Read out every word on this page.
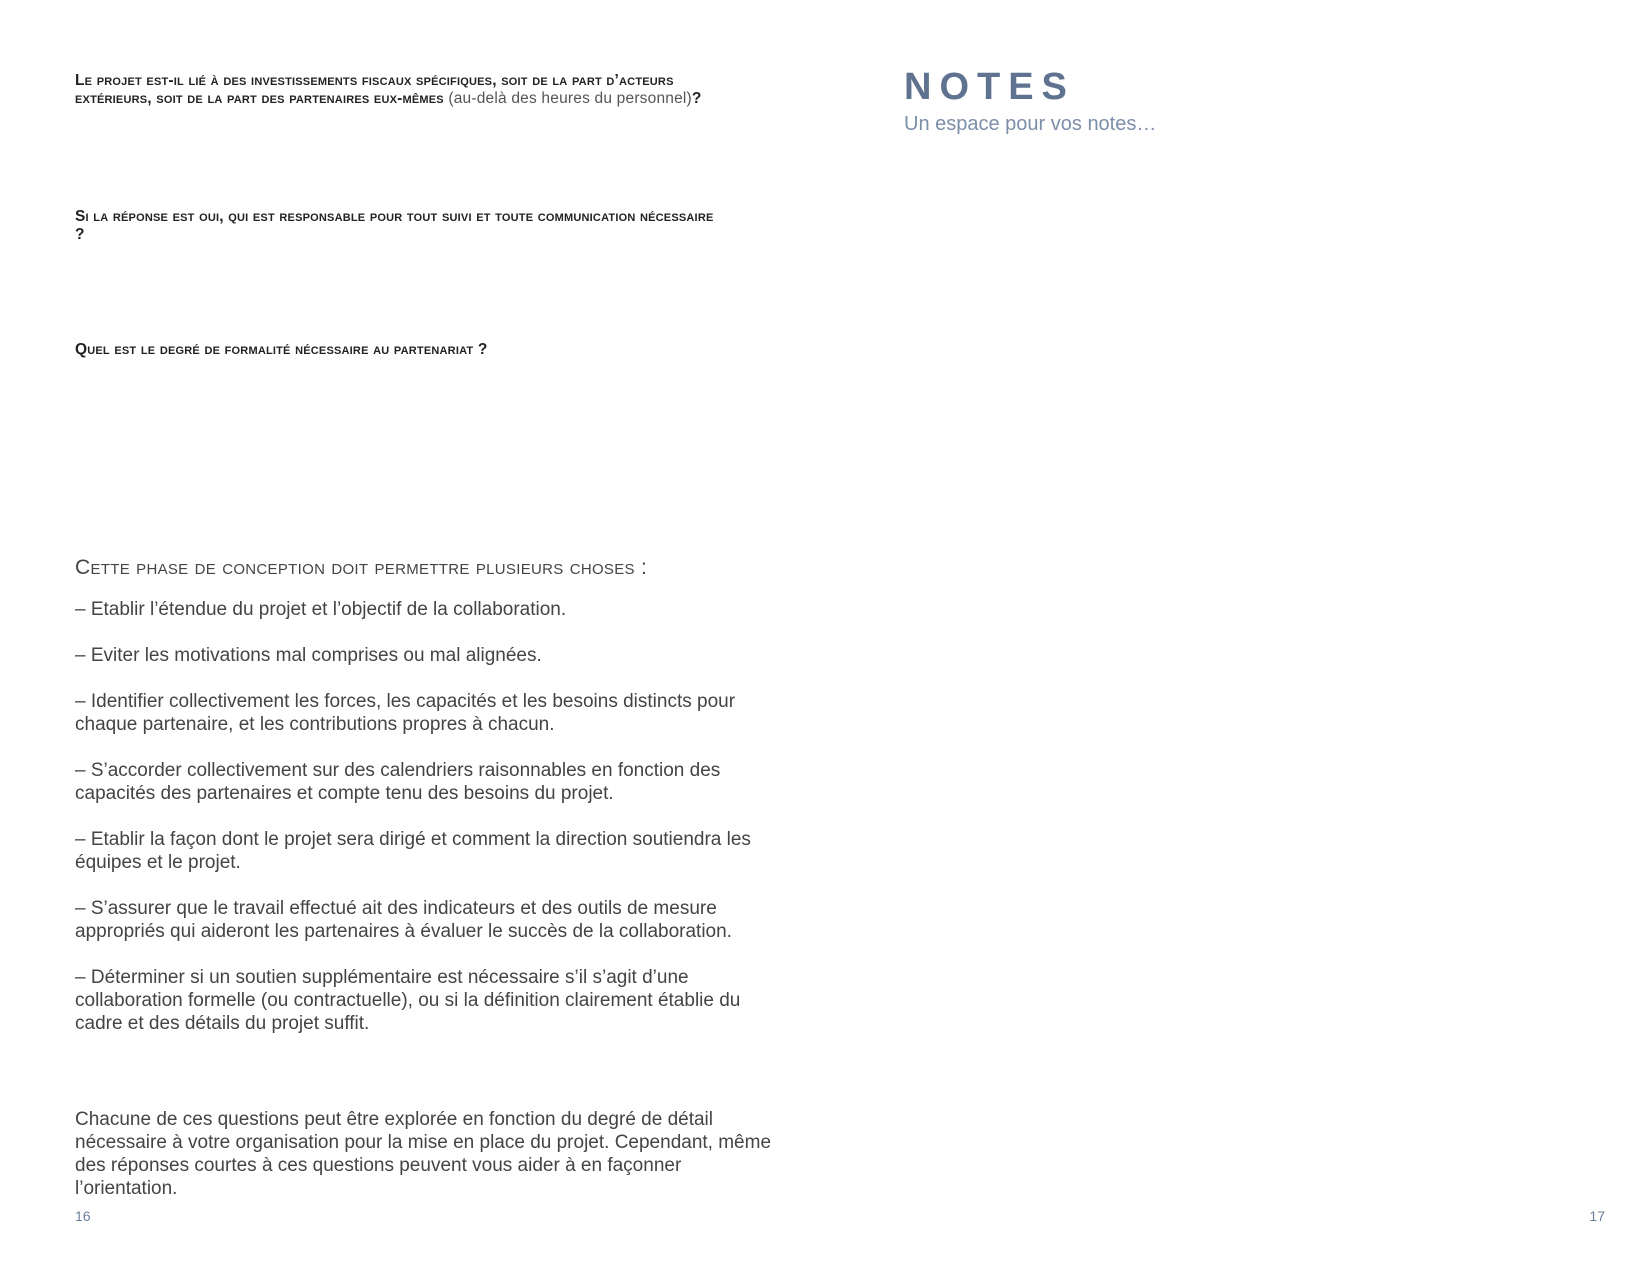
Le projet est-il lié à des investissements fiscaux spécifiques, soit de la part d’acteurs extérieurs, soit de la part des partenaires eux-mêmes (au-delà des heures du personnel)?

Si la réponse est oui, qui est responsable pour tout suivi et toute communication nécessaire ?

Quel est le degré de formalité nécessaire au partenariat ?

Cette phase de conception doit permettre plusieurs choses :
– Etablir l’étendue du projet et l’objectif de la collaboration.
– Eviter les motivations mal comprises ou mal alignées.
– Identifier collectivement les forces, les capacités et les besoins distincts pour chaque partenaire, et les contributions propres à chacun.
– S’accorder collectivement sur des calendriers raisonnables en fonction des capacités des partenaires et compte tenu des besoins du projet.
– Etablir la façon dont le projet sera dirigé et comment la direction soutiendra les équipes et le projet.
– S’assurer que le travail effectué ait des indicateurs et des outils de mesure appropriés qui aideront les partenaires à évaluer le succès de la collaboration.
– Déterminer si un soutien supplémentaire est nécessaire s’il s’agit d’une collaboration formelle (ou contractuelle), ou si la définition clairement établie du cadre et des détails du projet suffit.

Chacune de ces questions peut être explorée en fonction du degré de détail nécessaire à votre organisation pour la mise en place du projet. Cependant, même des réponses courtes à ces questions peuvent vous aider à en façonner l’orientation.

16
NOTES

Un espace pour vos notes…

17
